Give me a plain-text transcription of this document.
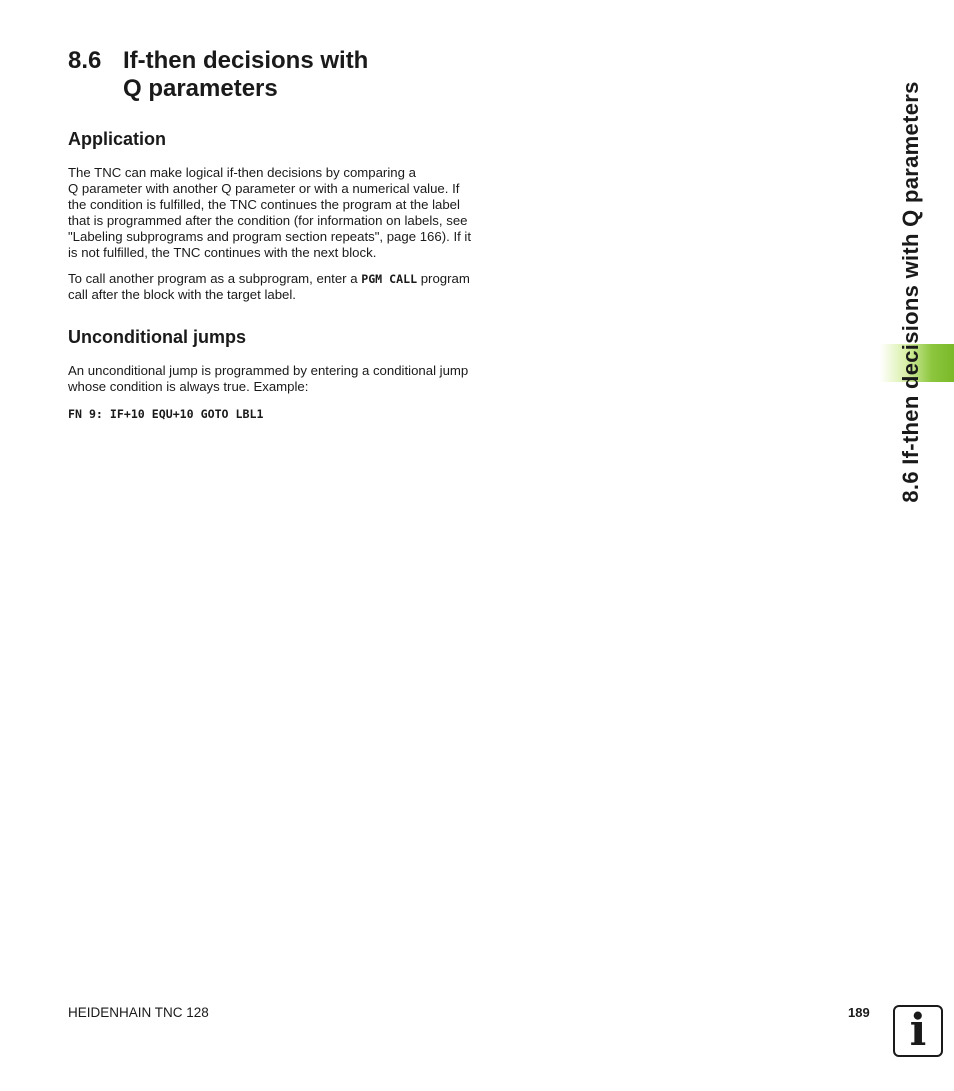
8.6 If-then decisions with
Q parameters
Application

The TNC can make logical if-then decisions by comparing a
Q parameter with another Q parameter or with a numerical value. If
the condition is fulfilled, the TNC continues the program at the label
that is programmed after the condition (for information on labels, see
"Labeling subprograms and program section repeats", page 166). If it
is not fulfilled, the TNC continues with the next block.

To call another program as a subprogram, enter a PGM CALL program
call after the block with the target label.

Unconditional jumps

An unconditional jump is programmed by entering a conditional jump
whose condition is always true. Example:

FN 9: IF+10 EQU+10 GOTO LBL1	8.6 If-then decisions with Q parameters
HEIDENHAIN TNC 128	189 i
